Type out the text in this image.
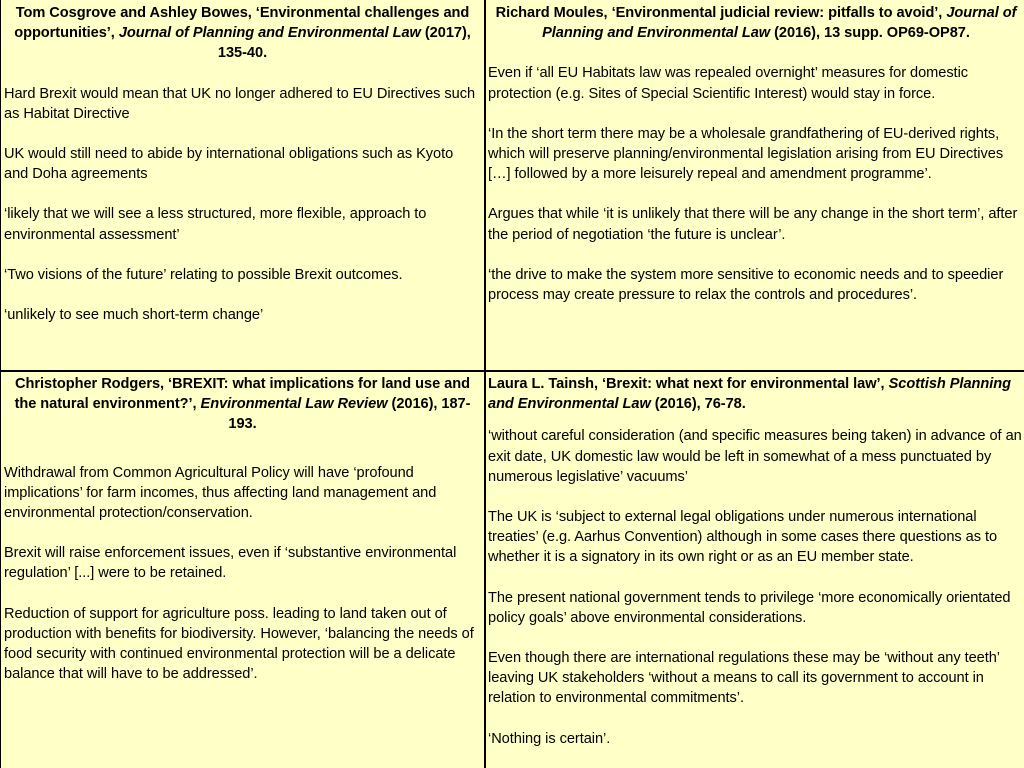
Tom Cosgrove and Ashley Bowes, ‘Environmental challenges and opportunities’, Journal of Planning and Environmental Law (2017), 135-40.

Hard Brexit would mean that UK no longer adhered to EU Directives such as Habitat Directive

UK would still need to abide by international obligations such as Kyoto and Doha agreements

‘likely that we will see a less structured, more flexible, approach to environmental assessment’

‘Two visions of the future’ relating to possible Brexit outcomes.

‘unlikely to see much short-term change’

Richard Moules, ‘Environmental judicial review: pitfalls to avoid’, Journal of Planning and Environmental Law (2016), 13 supp. OP69-OP87.

Even if ‘all EU Habitats law was repealed overnight’ measures for domestic protection (e.g. Sites of Special Scientific Interest) would stay in force.

‘In the short term there may be a wholesale grandfathering of EU-derived rights, which will preserve planning/environmental legislation arising from EU Directives […] followed by a more leisurely repeal and amendment programme’.

Argues that while ‘it is unlikely that there will be any change in the short term’, after the period of negotiation ‘the future is unclear’.

‘the drive to make the system more sensitive to economic needs and to speedier process may create pressure to relax the controls and procedures’.

Christopher Rodgers, ‘BREXIT: what implications for land use and the natural environment?’, Environmental Law Review (2016), 187-193.

Withdrawal from Common Agricultural Policy will have ‘profound implications’ for farm incomes, thus affecting land management and environmental protection/conservation.

Brexit will raise enforcement issues, even if ‘substantive environmental regulation’ [...] were to be retained.

Reduction of support for agriculture poss. leading to land taken out of production with benefits for biodiversity. However, ‘balancing the needs of food security with continued environmental protection will be a delicate balance that will have to be addressed’.

Laura L. Tainsh, ‘Brexit: what next for environmental law’, Scottish Planning and Environmental Law (2016), 76-78.

‘without careful consideration (and specific measures being taken) in advance of an exit date, UK domestic law would be left in somewhat of a mess punctuated by numerous legislative’ vacuums’

The UK is ‘subject to external legal obligations under numerous international treaties’ (e.g. Aarhus Convention) although in some cases there questions as to whether it is a signatory in its own right or as an EU member state.

The present national government tends to privilege ‘more economically orientated policy goals’ above environmental considerations.

Even though there are international regulations these may be ‘without any teeth’ leaving UK stakeholders ‘without a means to call its government to account in relation to environmental commitments’.

‘Nothing is certain’.
